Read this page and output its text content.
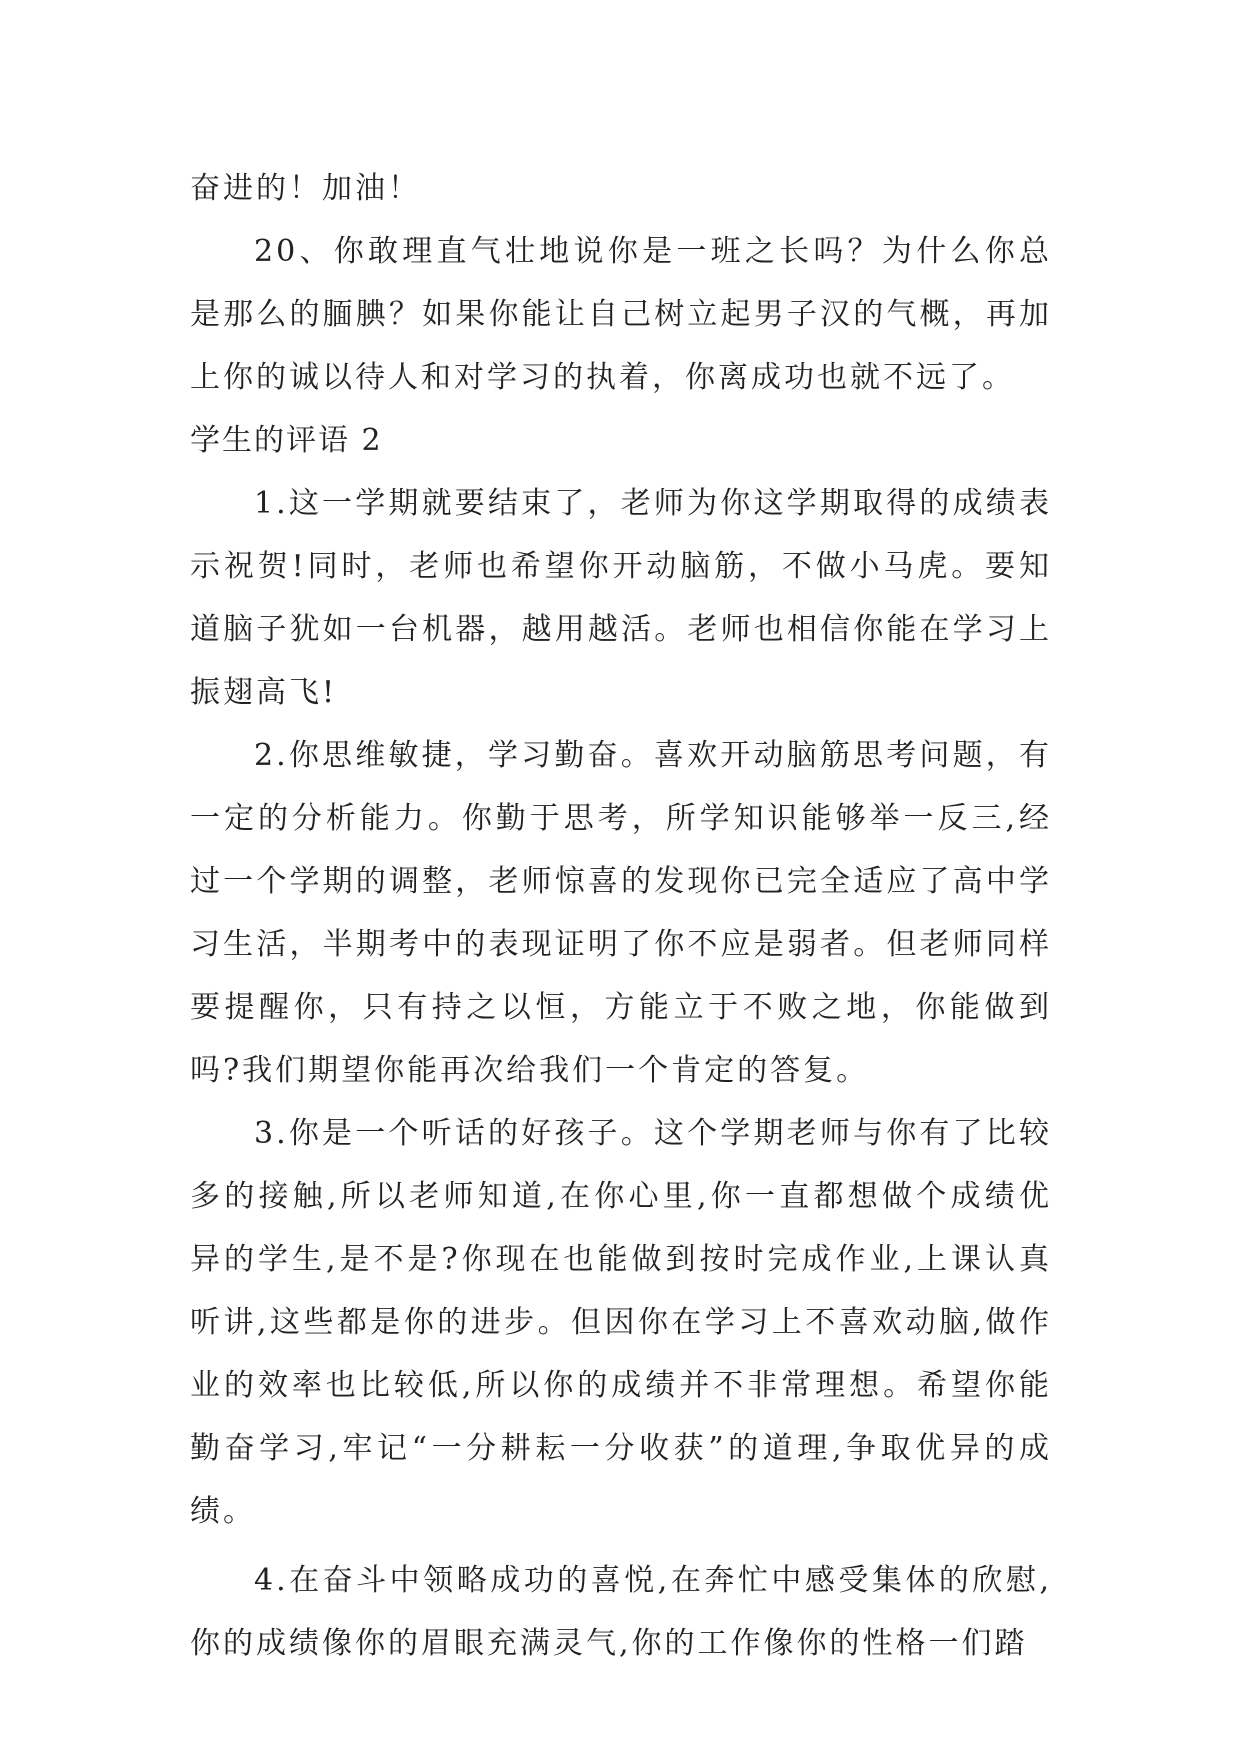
奋进的！加油！

20、你敢理直气壮地说你是一班之长吗？为什么你总是那么的腼腆？如果你能让自己树立起男子汉的气概，再加上你的诚以待人和对学习的执着，你离成功也就不远了。

学生的评语 2

1.这一学期就要结束了，老师为你这学期取得的成绩表示祝贺!同时，老师也希望你开动脑筋，不做小马虎。要知道脑子犹如一台机器，越用越活。老师也相信你能在学习上振翅高飞!

2.你思维敏捷，学习勤奋。喜欢开动脑筋思考问题，有一定的分析能力。你勤于思考，所学知识能够举一反三,经过一个学期的调整，老师惊喜的发现你已完全适应了高中学习生活，半期考中的表现证明了你不应是弱者。但老师同样要提醒你，只有持之以恒，方能立于不败之地，你能做到吗?我们期望你能再次给我们一个肯定的答复。

3.你是一个听话的好孩子。这个学期老师与你有了比较多的接触,所以老师知道,在你心里,你一直都想做个成绩优异的学生,是不是?你现在也能做到按时完成作业,上课认真听讲,这些都是你的进步。但因你在学习上不喜欢动脑,做作业的效率也比较低,所以你的成绩并不非常理想。希望你能勤奋学习,牢记“一分耕耘一分收获”的道理,争取优异的成绩。

4.在奋斗中领略成功的喜悦,在奔忙中感受集体的欣慰,你的成绩像你的眉眼充满灵气,你的工作像你的性格一们踏
